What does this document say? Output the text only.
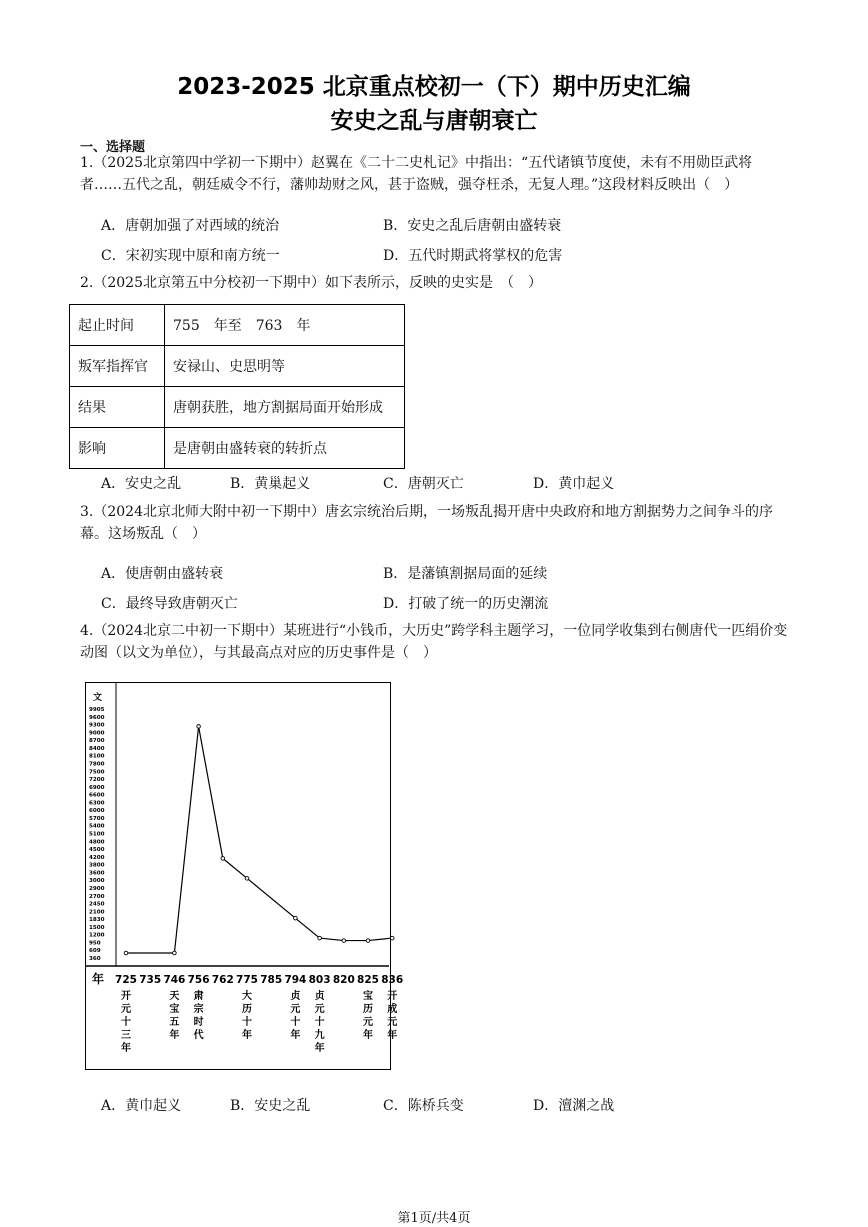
2023-2025 北京重点校初一（下）期中历史汇编
安史之乱与唐朝衰亡
一、选择题
1.（2025北京第四中学初一下期中）赵翼在《二十二史札记》中指出：“五代诸镇节度使，未有不用勋臣武将者……五代之乱，朝廷威令不行，藩帅劫财之风，甚于盗贼，强夺枉杀，无复人理。”这段材料反映出（　）
A．唐朝加强了对西域的统治	B．安史之乱后唐朝由盛转衰
C．宋初实现中原和南方统一	D．五代时期武将掌权的危害
2.（2025北京第五中分校初一下期中）如下表所示，反映的史实是　（　）
起止时间	755　年至　763　年
叛军指挥官	安禄山、史思明等
结果	唐朝获胜，地方割据局面开始形成
影响	是唐朝由盛转衰的转折点
A．安史之乱	B．黄巢起义	C．唐朝灭亡	D．黄巾起义
3.（2024北京北师大附中初一下期中）唐玄宗统治后期，一场叛乱揭开唐中央政府和地方割据势力之间争斗的序幕。这场叛乱（　）
A．使唐朝由盛转衰	B．是藩镇割据局面的延续
C．最终导致唐朝灭亡	D．打破了统一的历史潮流
4.（2024北京二中初一下期中）某班进行“小钱币，大历史”跨学科主题学习，一位同学收集到右侧唐代一匹绢价变动图（以文为单位），与其最高点对应的历史事件是（　）
文
年
9905
9600
9300
9000
8700
8400
8100
7800
7500
7200
6900
6600
6300
6000
5700
5400
5100
4800
4500
4200
3800
3600
3000
2900
2700
2450
2100
1830
1500
1200
950
609
360
725 735 746 756 762 775 785 794 803 820 825 836
开元十三年
天宝五年
肃宗时代
大历十年
贞元十年
贞元十九年
宝历元年
开成元年
A．黄巾起义	B．安史之乱	C．陈桥兵变	D．澶渊之战
第1页/共4页
